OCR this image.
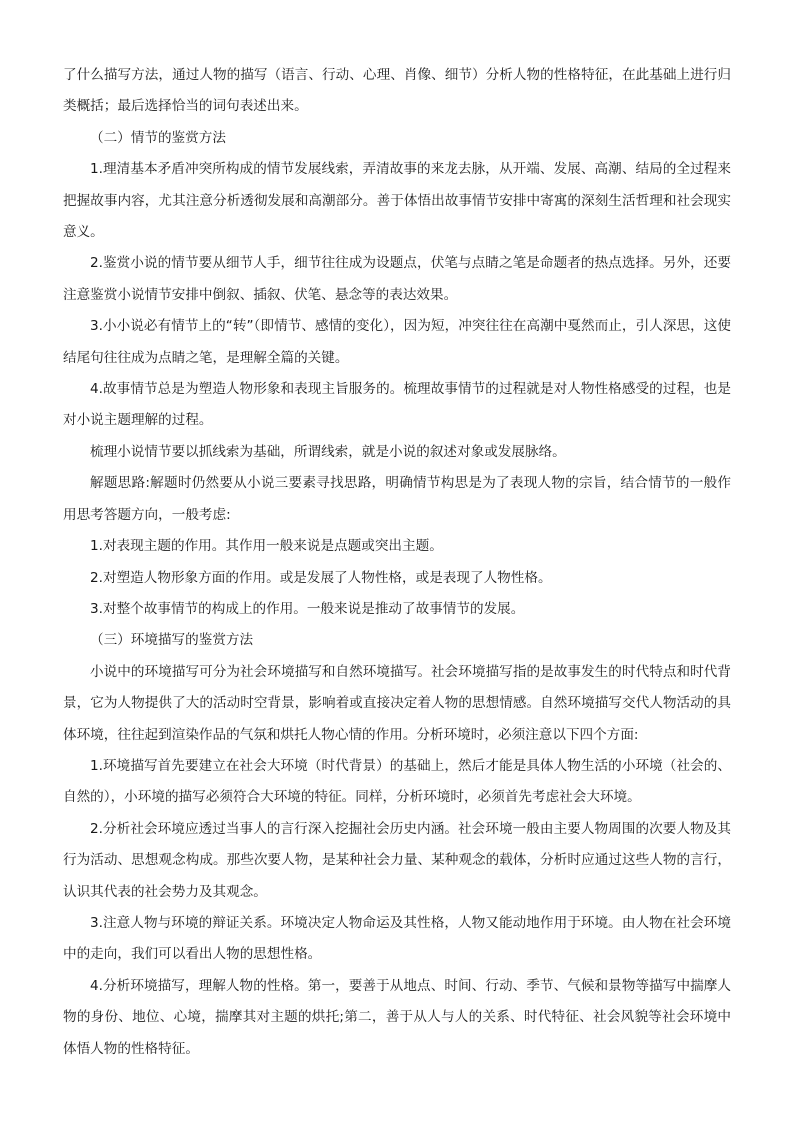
了什么描写方法，通过人物的描写（语言、行动、心理、肖像、细节）分析人物的性格特征，在此基础上进行归类概括；最后选择恰当的词句表述出来。

（二）情节的鉴赏方法

1.理清基本矛盾冲突所构成的情节发展线索，弄清故事的来龙去脉，从开端、发展、高潮、结局的全过程来把握故事内容，尤其注意分析透彻发展和高潮部分。善于体悟出故事情节安排中寄寓的深刻生活哲理和社会现实意义。

2.鉴赏小说的情节要从细节人手，细节往往成为设题点，伏笔与点睛之笔是命题者的热点选择。另外，还要注意鉴赏小说情节安排中倒叙、插叙、伏笔、悬念等的表达效果。

3.小小说必有情节上的“转”（即情节、感情的变化），因为短，冲突往往在高潮中戛然而止，引人深思，这使结尾句往往成为点睛之笔，是理解全篇的关键。

4.故事情节总是为塑造人物形象和表现主旨服务的。梳理故事情节的过程就是对人物性格感受的过程，也是对小说主题理解的过程。

梳理小说情节要以抓线索为基础，所谓线索，就是小说的叙述对象或发展脉络。

解题思路:解题时仍然要从小说三要素寻找思路，明确情节构思是为了表现人物的宗旨，结合情节的一般作用思考答题方向，一般考虑:

1.对表现主题的作用。其作用一般来说是点题或突出主题。

2.对塑造人物形象方面的作用。或是发展了人物性格，或是表现了人物性格。

3.对整个故事情节的构成上的作用。一般来说是推动了故事情节的发展。

（三）环境描写的鉴赏方法

小说中的环境描写可分为社会环境描写和自然环境描写。社会环境描写指的是故事发生的时代特点和时代背景，它为人物提供了大的活动时空背景，影响着或直接决定着人物的思想情感。自然环境描写交代人物活动的具体环境，往往起到渲染作品的气氛和烘托人物心情的作用。分析环境时，必须注意以下四个方面:

1.环境描写首先要建立在社会大环境（时代背景）的基础上，然后才能是具体人物生活的小环境（社会的、自然的），小环境的描写必须符合大环境的特征。同样，分析环境时，必须首先考虑社会大环境。

2.分析社会环境应透过当事人的言行深入挖掘社会历史内涵。社会环境一般由主要人物周围的次要人物及其行为活动、思想观念构成。那些次要人物，是某种社会力量、某种观念的载体，分析时应通过这些人物的言行，认识其代表的社会势力及其观念。

3.注意人物与环境的辩证关系。环境决定人物命运及其性格，人物又能动地作用于环境。由人物在社会环境中的走向，我们可以看出人物的思想性格。

4.分析环境描写，理解人物的性格。第一，要善于从地点、时间、行动、季节、气候和景物等描写中揣摩人物的身份、地位、心境，揣摩其对主题的烘托;第二，善于从人与人的关系、时代特征、社会风貌等社会环境中体悟人物的性格特征。
